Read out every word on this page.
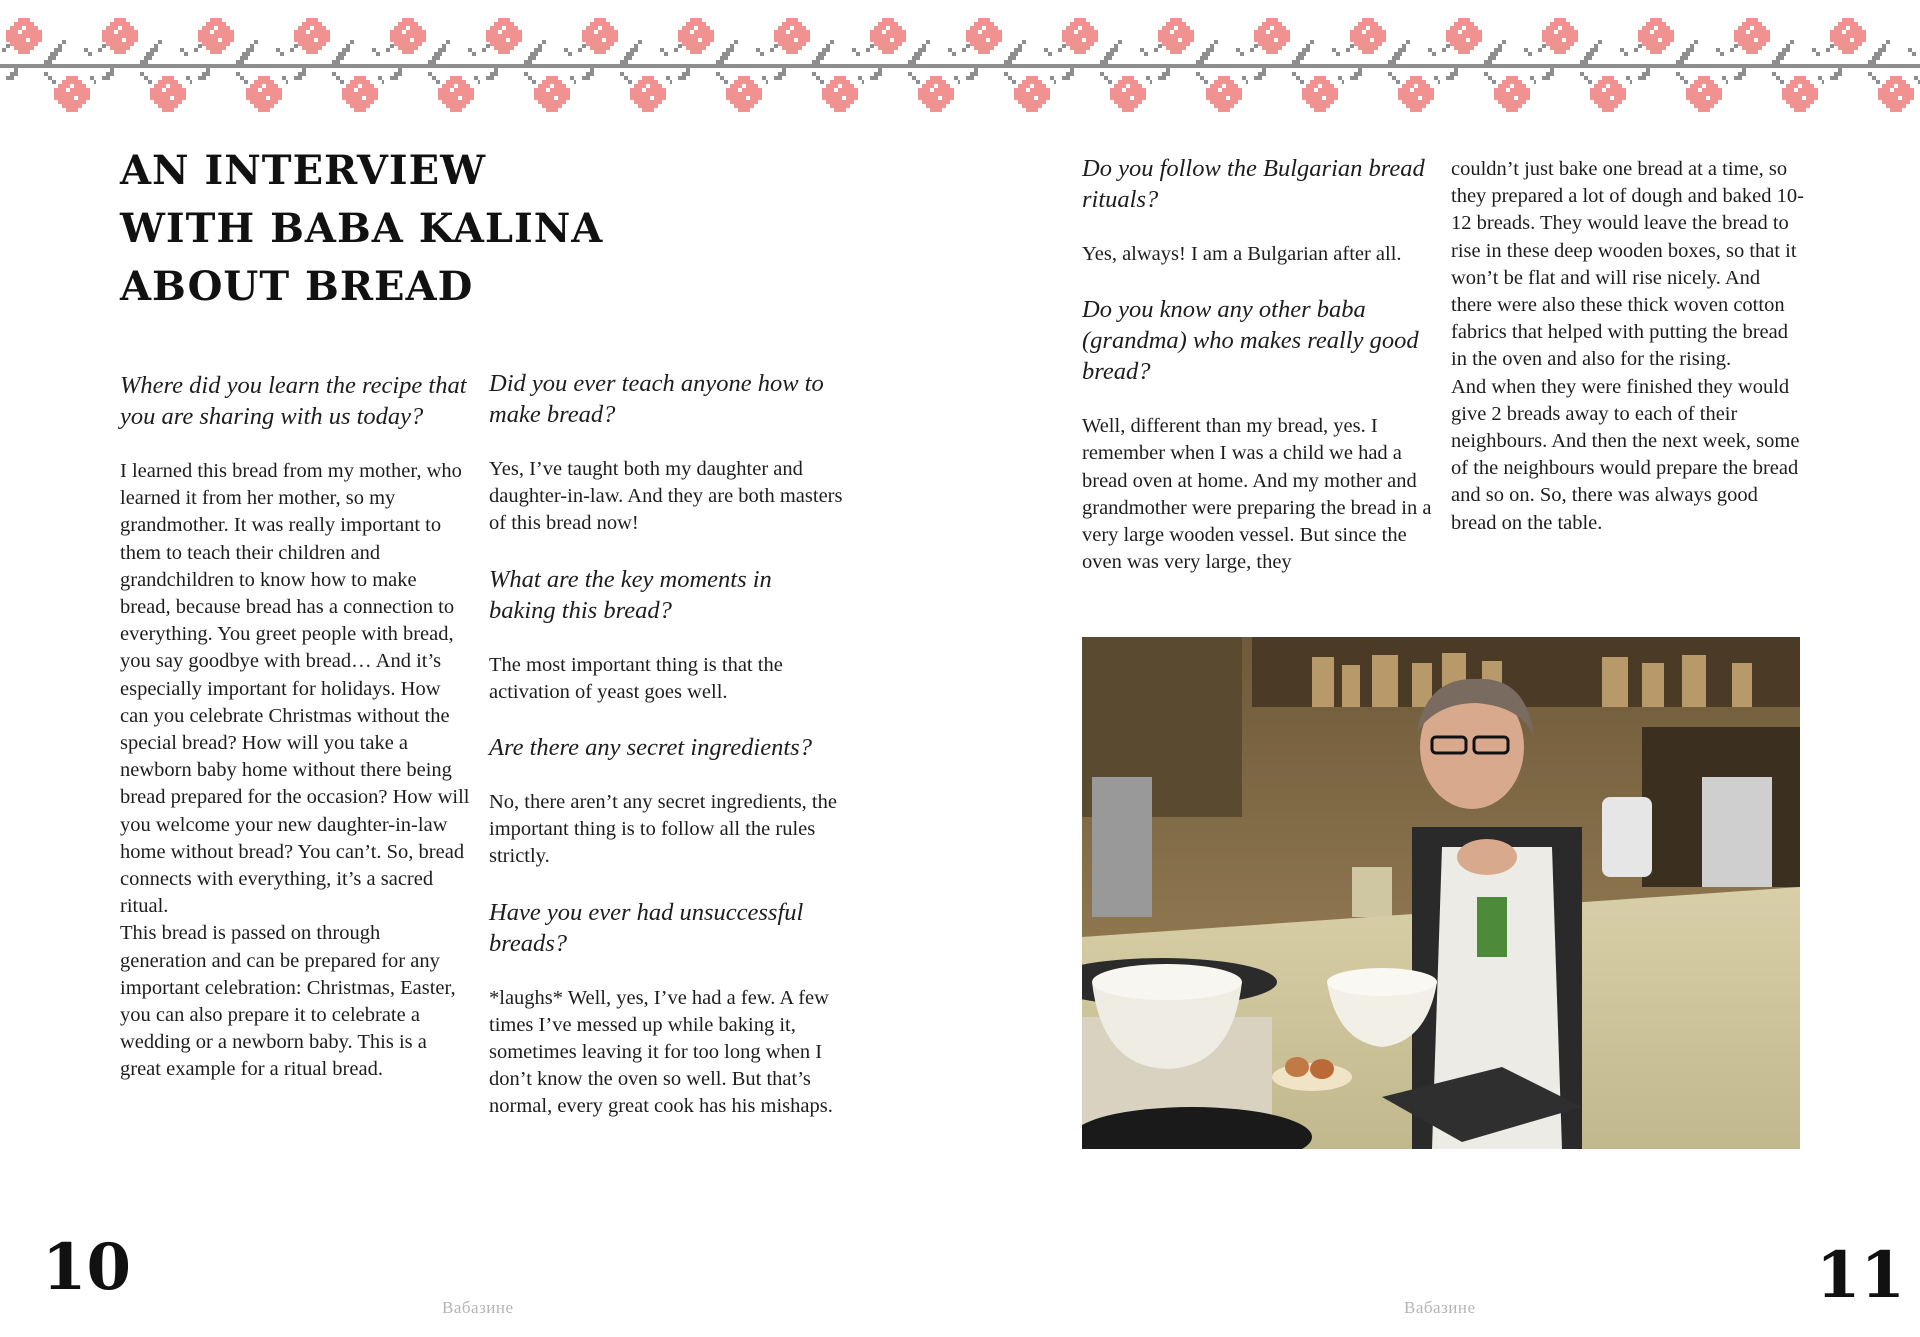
AN INTERVIEW
WITH BABA KALINA
ABOUT BREAD
Where did you learn the recipe that you are sharing with us today?

I learned this bread from my mother, who learned it from her mother, so my grandmother. It was really important to them to teach their children and grandchildren to know how to make bread, because bread has a connection to everything. You greet people with bread, you say goodbye with bread… And it’s especially important for holidays. How can you celebrate Christmas without the special bread? How will you take a newborn baby home without there being bread prepared for the occasion? How will you welcome your new daughter-in-law home without bread? You can’t. So, bread connects with everything, it’s a sacred ritual.

This bread is passed on through generation and can be prepared for any important celebration: Christmas, Easter, you can also prepare it to celebrate a wedding or a newborn baby. This is a great example for a ritual bread.

Did you ever teach anyone how to make bread?
Yes, I’ve taught both my daughter and daughter-in-law. And they are both masters of this bread now!
What are the key moments in baking this bread?
The most important thing is that the activation of yeast goes well.
Are there any secret ingredients?
No, there aren’t any secret ingredients, the important thing is to follow all the rules strictly.
Have you ever had unsuccessful breads?
*laughs* Well, yes, I’ve had a few. A few times I’ve messed up while baking it, sometimes leaving it for too long when I don’t know the oven so well. But that’s normal, every great cook has his mishaps.
Do you follow the Bulgarian bread rituals?
Yes, always! I am a Bulgarian after all.
Do you know any other baba (grandma) who makes really good bread?
Well, different than my bread, yes. I remember when I was a child we had a bread oven at home. And my mother and grandmother were preparing the bread in a very large wooden vessel. But since the oven was very large, they

couldn’t just bake one bread at a time, so they prepared a lot of dough and baked 10-12 breads. They would leave the bread to rise in these deep wooden boxes, so that it won’t be flat and will rise nicely. And there were also these thick woven cotton fabrics that helped with putting the bread in the oven and also for the rising.

And when they were finished they would give 2 breads away to each of their neighbours. And then the next week, some of the neighbours would prepare the bread and so on. So, there was always good bread on the table.

10	11
Вабазине	Вабазине
